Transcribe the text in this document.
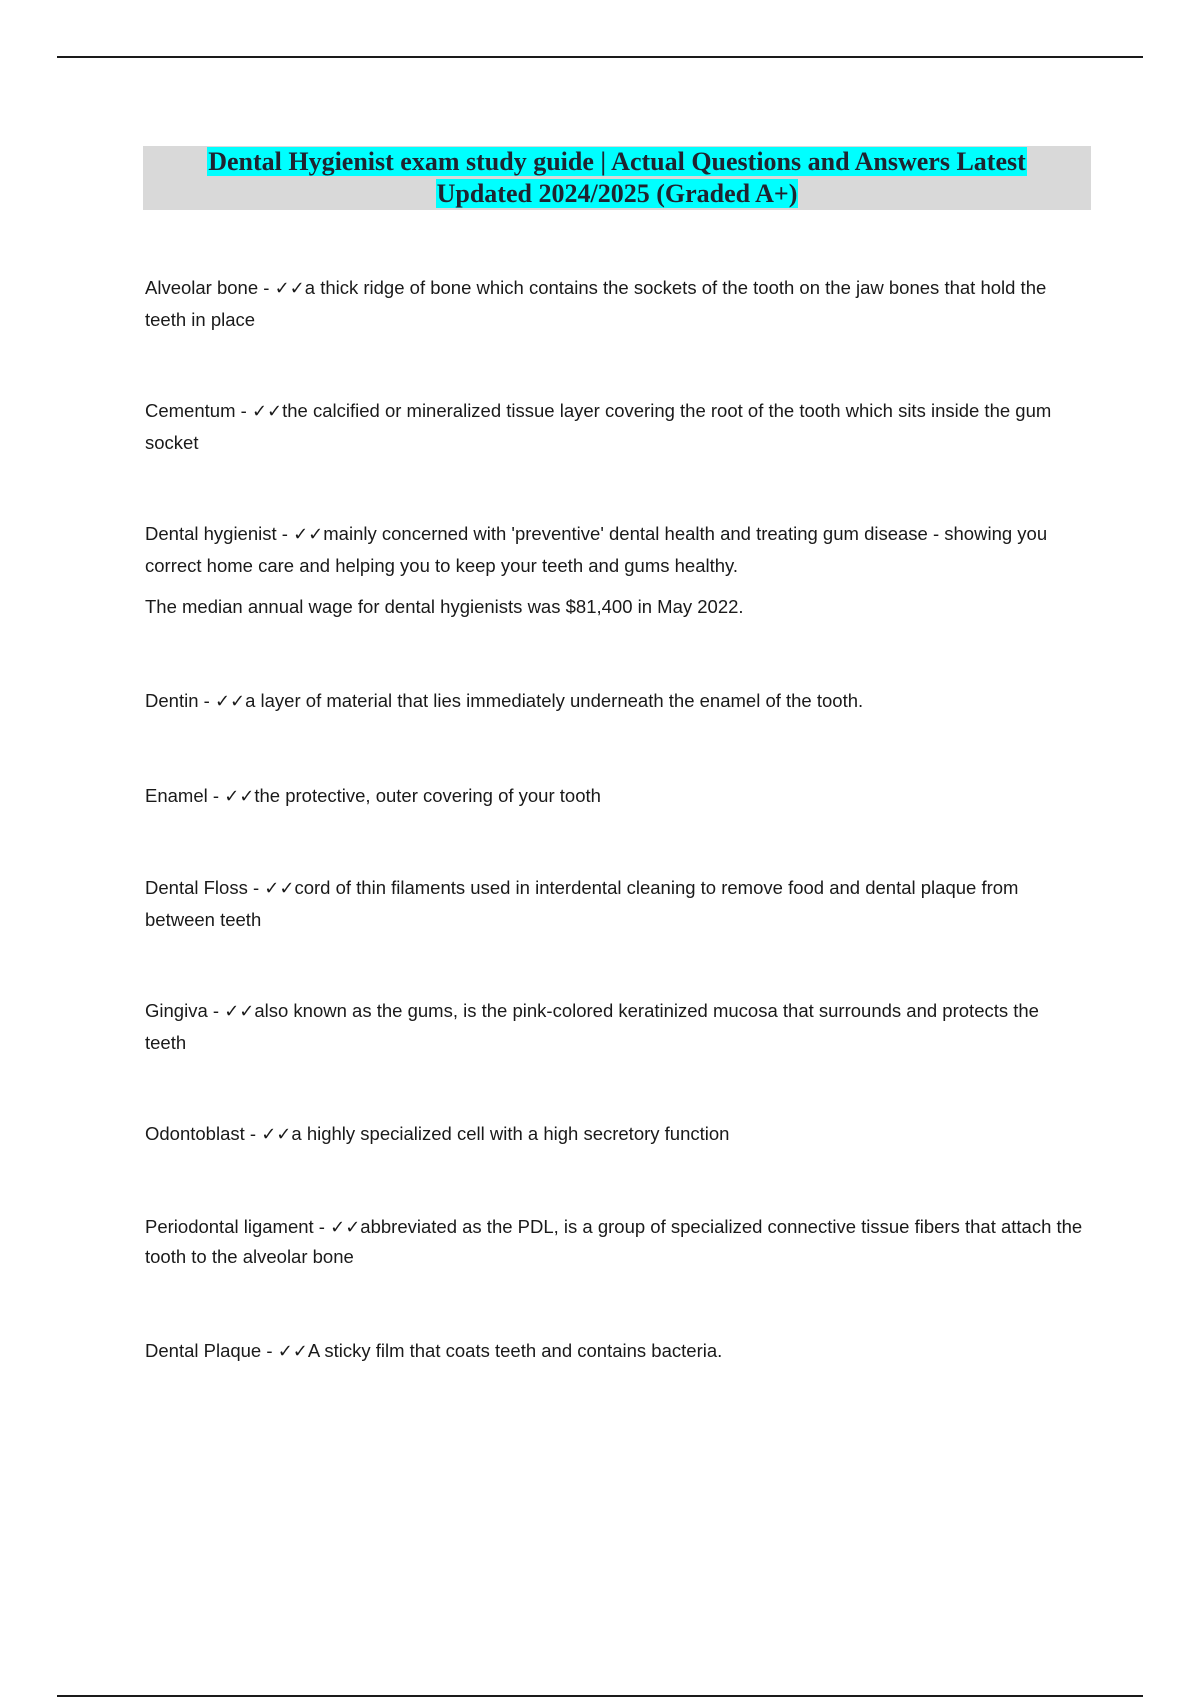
Dental Hygienist exam study guide | Actual Questions and Answers Latest
Updated 2024/2025 (Graded A+)

Alveolar bone - ✓✓a thick ridge of bone which contains the sockets of the tooth on the jaw bones that hold the teeth in place

Cementum - ✓✓the calcified or mineralized tissue layer covering the root of the tooth which sits inside the gum socket

Dental hygienist - ✓✓mainly concerned with 'preventive' dental health and treating gum disease - showing you correct home care and helping you to keep your teeth and gums healthy.

The median annual wage for dental hygienists was $81,400 in May 2022.

Dentin - ✓✓a layer of material that lies immediately underneath the enamel of the tooth.

Enamel - ✓✓the protective, outer covering of your tooth

Dental Floss - ✓✓cord of thin filaments used in interdental cleaning to remove food and dental plaque from between teeth

Gingiva - ✓✓also known as the gums, is the pink-colored keratinized mucosa that surrounds and protects the teeth

Odontoblast - ✓✓a highly specialized cell with a high secretory function

Periodontal ligament - ✓✓abbreviated as the PDL, is a group of specialized connective tissue fibers that attach the tooth to the alveolar bone

Dental Plaque - ✓✓A sticky film that coats teeth and contains bacteria.
